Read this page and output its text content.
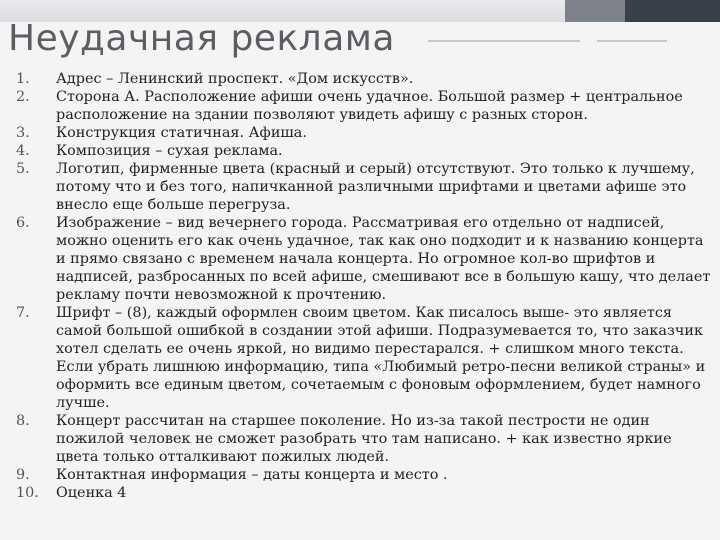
Неудачная реклама
1.	Адрес – Ленинский проспект. «Дом искусств».
2.	Сторона А. Расположение афиши очень удачное. Большой размер + центральное расположение на здании позволяют увидеть афишу с разных сторон.
3.	Конструкция статичная. Афиша.
4.	Композиция – сухая реклама.
5.	Логотип, фирменные цвета (красный и серый) отсутствуют. Это только к лучшему, потому что и без того, напичканной различными шрифтами и цветами афише это внесло еще больше перегруза.
6.	Изображение – вид вечернего города. Рассматривая его отдельно от надписей, можно оценить его как очень удачное, так как оно подходит и к названию концерта и прямо связано с временем начала концерта. Но огромное кол-во шрифтов и надписей, разбросанных по всей афише, смешивают все в большую кашу, что делает рекламу почти невозможной к прочтению.
7.	Шрифт – (8), каждый оформлен своим цветом. Как писалось выше- это является самой большой ошибкой в создании этой афиши. Подразумевается то, что заказчик хотел сделать ее очень яркой, но видимо перестарался. + слишком много текста. Если убрать лишнюю информацию, типа «Любимый ретро-песни великой страны» и оформить все единым цветом, сочетаемым с фоновым оформлением, будет намного лучше.
8.	Концерт рассчитан на старшее поколение. Но из-за такой пестрости не один пожилой человек не сможет разобрать что там написано. + как известно яркие цвета только отталкивают пожилых людей.
9.	Контактная информация – даты концерта и место .
10.	Оценка 4
